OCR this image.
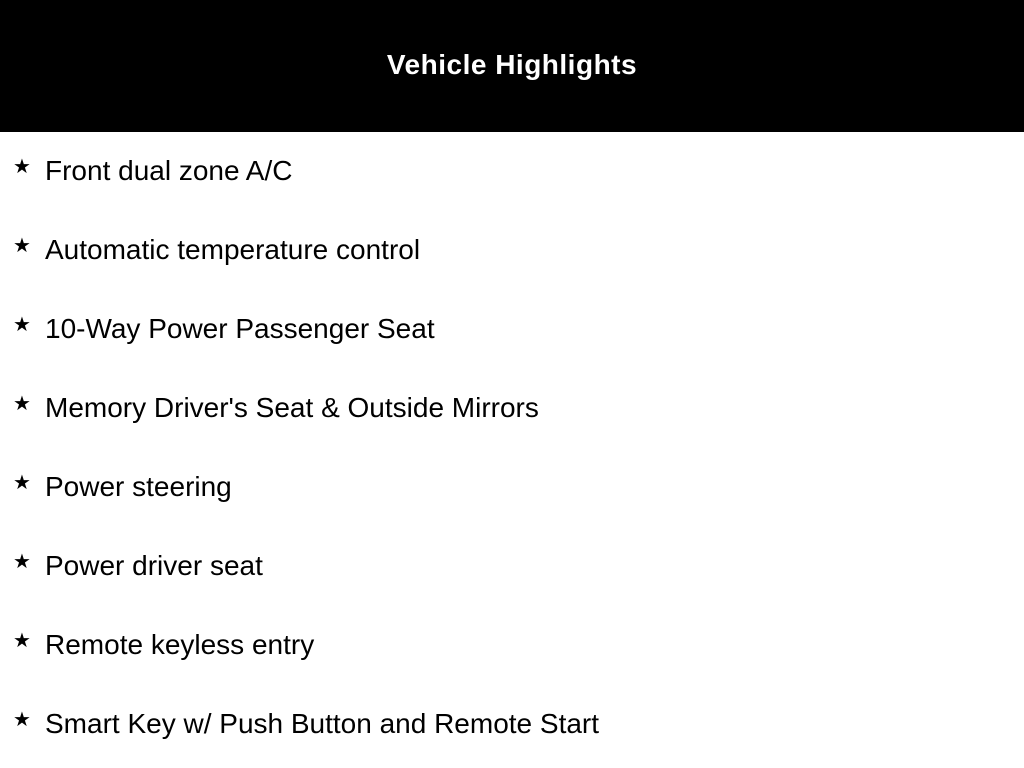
Vehicle Highlights
★ Front dual zone A/C
★ Automatic temperature control
★ 10-Way Power Passenger Seat
★ Memory Driver's Seat & Outside Mirrors
★ Power steering
★ Power driver seat
★ Remote keyless entry
★ Smart Key w/ Push Button and Remote Start
